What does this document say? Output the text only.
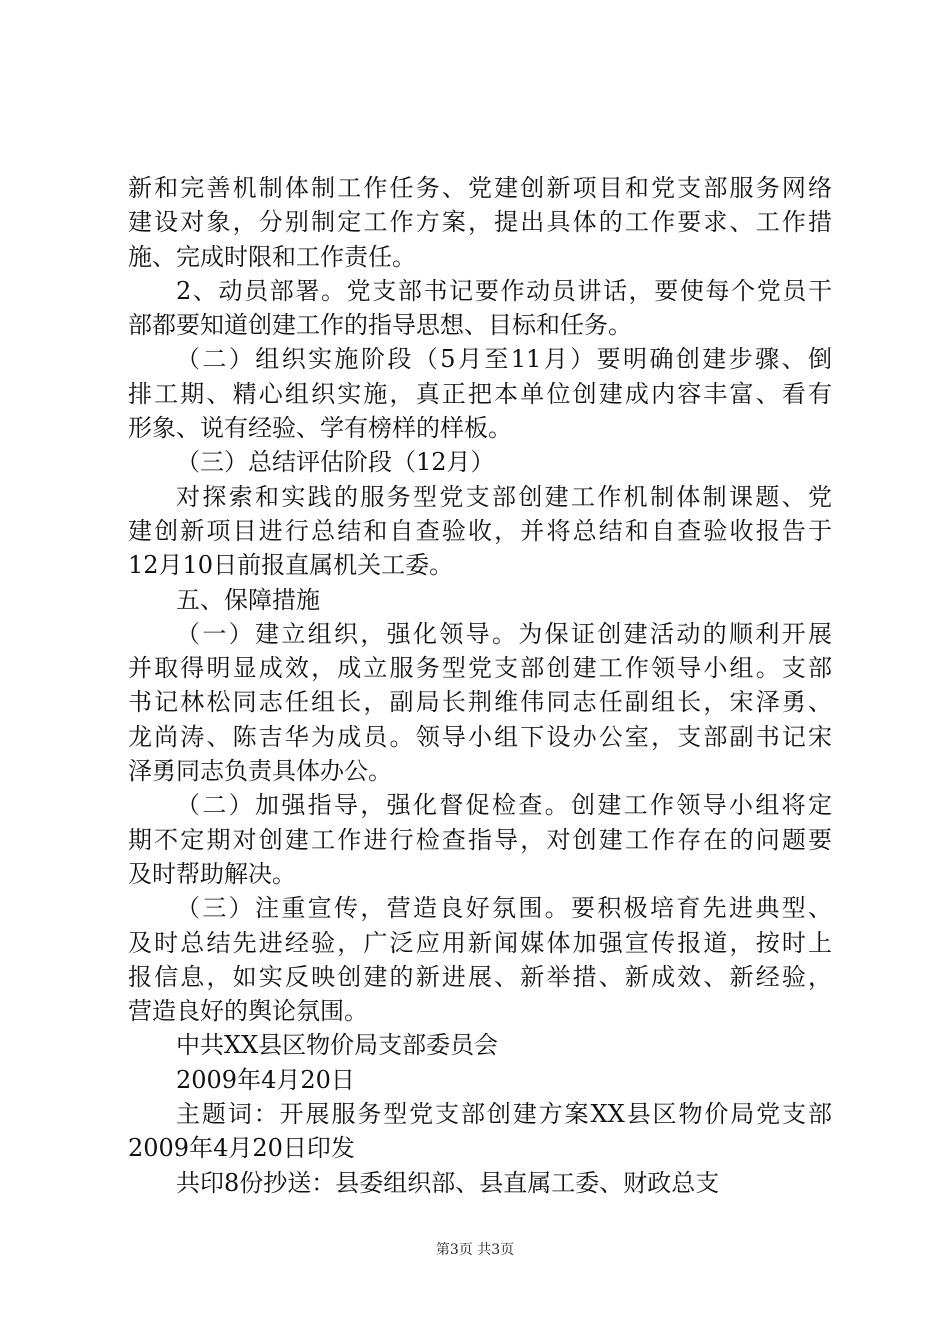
新和完善机制体制工作任务、党建创新项目和党支部服务网络
建设对象，分别制定工作方案，提出具体的工作要求、工作措
施、完成时限和工作责任。
2、动员部署。党支部书记要作动员讲话，要使每个党员干
部都要知道创建工作的指导思想、目标和任务。
（二）组织实施阶段（5月至11月）要明确创建步骤、倒
排工期、精心组织实施，真正把本单位创建成内容丰富、看有
形象、说有经验、学有榜样的样板。
（三）总结评估阶段（12月）
对探索和实践的服务型党支部创建工作机制体制课题、党
建创新项目进行总结和自查验收，并将总结和自查验收报告于
12月10日前报直属机关工委。
五、保障措施
（一）建立组织，强化领导。为保证创建活动的顺利开展
并取得明显成效，成立服务型党支部创建工作领导小组。支部
书记林松同志任组长，副局长荆维伟同志任副组长，宋泽勇、
龙尚涛、陈吉华为成员。领导小组下设办公室，支部副书记宋
泽勇同志负责具体办公。
（二）加强指导，强化督促检查。创建工作领导小组将定
期不定期对创建工作进行检查指导，对创建工作存在的问题要
及时帮助解决。
（三）注重宣传，营造良好氛围。要积极培育先进典型、
及时总结先进经验，广泛应用新闻媒体加强宣传报道，按时上
报信息，如实反映创建的新进展、新举措、新成效、新经验，
营造良好的舆论氛围。
中共XX县区物价局支部委员会
2009年4月20日
主题词：开展服务型党支部创建方案XX县区物价局党支部
2009年4月20日印发
共印8份抄送：县委组织部、县直属工委、财政总支
第3页 共3页
